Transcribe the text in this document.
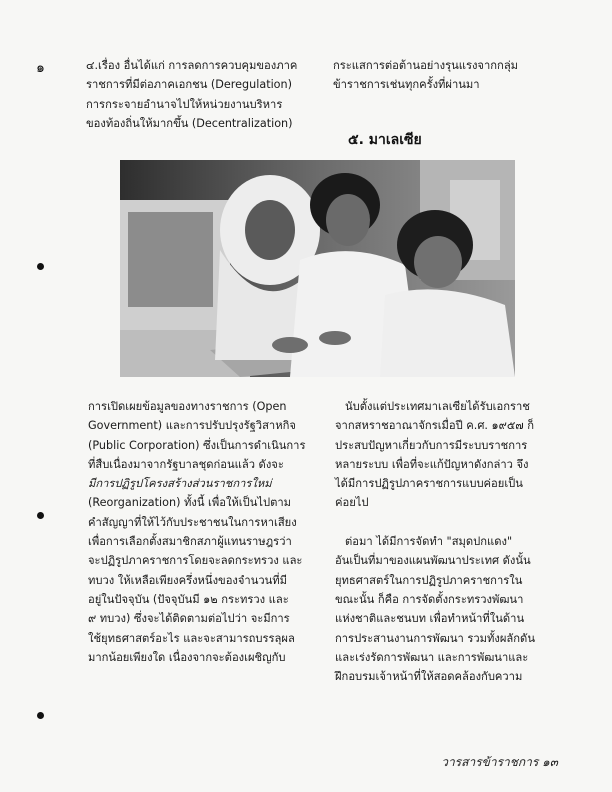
๑	๔.เรื่อง อื่นได้แก่ การลดการควบคุมของภาค

ราชการที่มีต่อภาคเอกชน (Deregulation)

การกระจายอำนาจไปให้หน่วยงานบริหาร

ของท้องถิ่นให้มากขึ้น (Decentralization)

กระแสการต่อต้านอย่างรุนแรงจากกลุ่ม

ข้าราชการเช่นทุกครั้งที่ผ่านมา

๕. มาเลเซีย

การเปิดเผยข้อมูลของทางราชการ (Open

Government) และการปรับปรุงรัฐวิสาหกิจ

(Public Corporation) ซึ่งเป็นการดำเนินการ

ที่สืบเนื่องมาจากรัฐบาลชุดก่อนแล้ว ดังจะ

มีการปฏิรูปโครงสร้างส่วนราชการใหม่

(Reorganization) ทั้งนี้ เพื่อให้เป็นไปตาม

คำสัญญาที่ให้ไว้กับประชาชนในการหาเสียง

เพื่อการเลือกตั้งสมาชิกสภาผู้แทนราษฎรว่า

จะปฏิรูปภาคราชการโดยจะลดกระทรวง และ

ทบวง ให้เหลือเพียงครึ่งหนึ่งของจำนวนที่มี

อยู่ในปัจจุบัน (ปัจจุบันมี ๑๒ กระทรวง และ

๙ ทบวง) ซึ่งจะได้ติดตามต่อไปว่า จะมีการ

ใช้ยุทธศาสตร์อะไร และจะสามารถบรรลุผล

มากน้อยเพียงใด เนื่องจากจะต้องเผชิญกับ

นับตั้งแต่ประเทศมาเลเซียได้รับเอกราช

จากสหราชอาณาจักรเมื่อปี ค.ศ. ๑๙๕๗ ก็

ประสบปัญหาเกี่ยวกับการมีระบบราชการ

หลายระบบ เพื่อที่จะแก้ปัญหาดังกล่าว จึง

ได้มีการปฏิรูปภาคราชการแบบค่อยเป็น

ค่อยไป

ต่อมา ได้มีการจัดทำ "สมุดปกแดง"

อันเป็นที่มาของแผนพัฒนาประเทศ ดังนั้น

ยุทธศาสตร์ในการปฏิรูปภาคราชการใน

ขณะนั้น ก็คือ การจัดตั้งกระทรวงพัฒนา

แห่งชาติและชนบท เพื่อทำหน้าที่ในด้าน

การประสานงานการพัฒนา รวมทั้งผลักดัน

และเร่งรัดการพัฒนา และการพัฒนาและ

ฝึกอบรมเจ้าหน้าที่ให้สอดคล้องกับความ

วารสารข้าราชการ ๑๓
